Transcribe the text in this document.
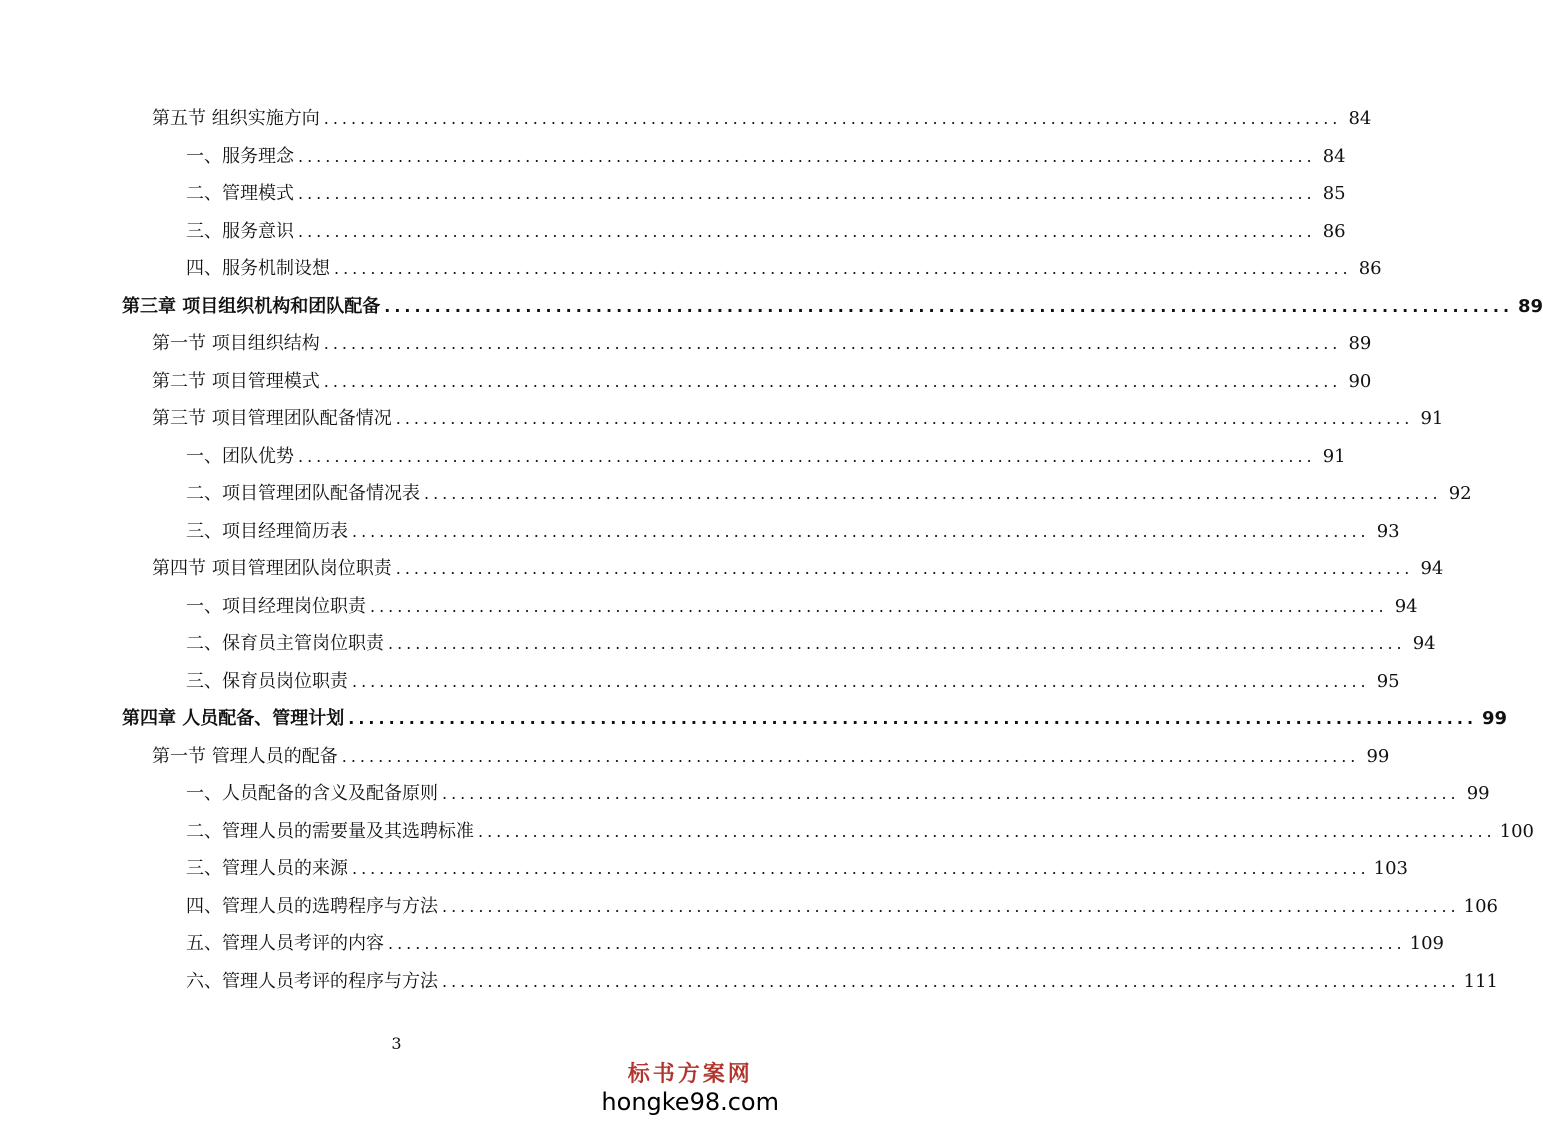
第五节 组织实施方向 ................................................................................................................ 84
一、服务理念 ................................................................................................................ 84
二、管理模式 ................................................................................................................ 85
三、服务意识 ................................................................................................................ 86
四、服务机制设想 ................................................................................................................ 86
第三章 项目组织机构和团队配备 ................................................................................................................ 89
第一节 项目组织结构 ................................................................................................................ 89
第二节 项目管理模式 ................................................................................................................ 90
第三节 项目管理团队配备情况 ................................................................................................................ 91
一、团队优势 ................................................................................................................ 91
二、项目管理团队配备情况表 ................................................................................................................ 92
三、项目经理简历表 ................................................................................................................ 93
第四节 项目管理团队岗位职责 ................................................................................................................ 94
一、项目经理岗位职责 ................................................................................................................ 94
二、保育员主管岗位职责 ................................................................................................................ 94
三、保育员岗位职责 ................................................................................................................ 95
第四章 人员配备、管理计划 ................................................................................................................ 99
第一节 管理人员的配备 ................................................................................................................ 99
一、人员配备的含义及配备原则 ................................................................................................................ 99
二、管理人员的需要量及其选聘标准 ................................................................................................................ 100
三、管理人员的来源 ................................................................................................................ 103
四、管理人员的选聘程序与方法 ................................................................................................................ 106
五、管理人员考评的内容 ................................................................................................................ 109
六、管理人员考评的程序与方法 ................................................................................................................ 111
3
标书方案网
hongke98.com
